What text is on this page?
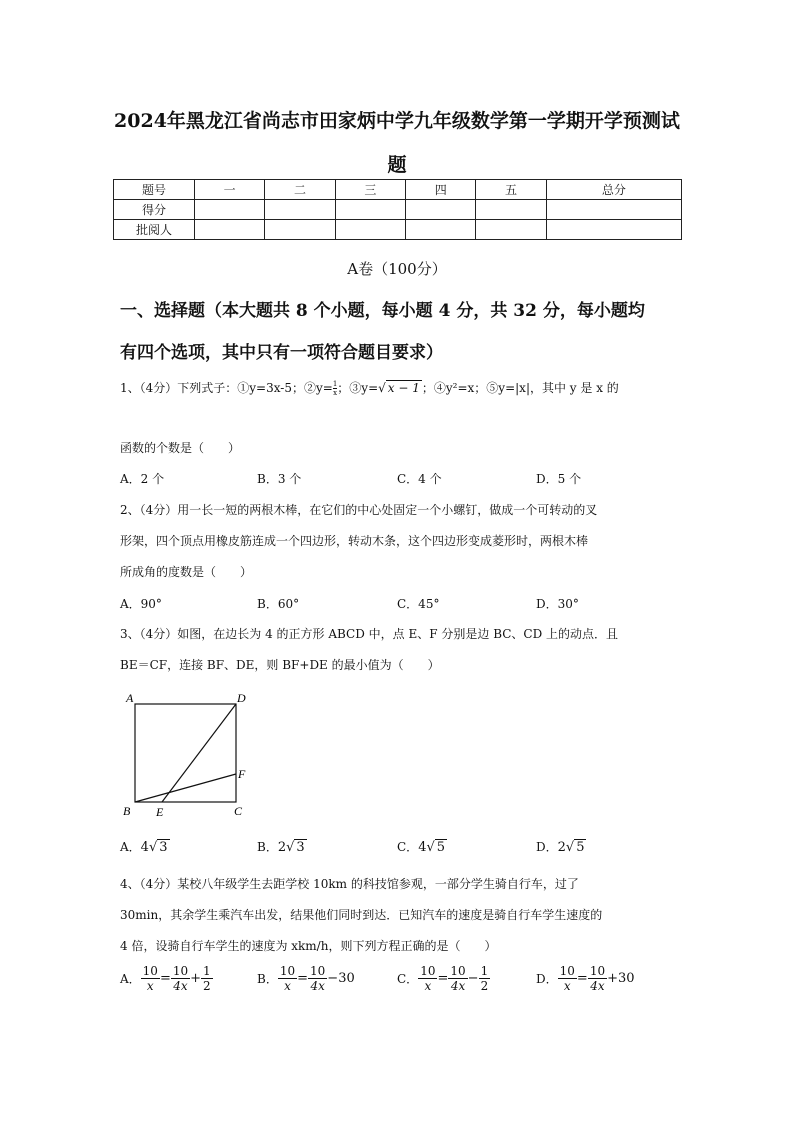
2024年黑龙江省尚志市田家炳中学九年级数学第一学期开学预测试
题
题号	一	二	三	四	五	总分
得分						
批阅人						
A卷（100分）
一、选择题（本大题共 8 个小题，每小题 4 分，共 32 分，每小题均
有四个选项，其中只有一项符合题目要求）
1、（4分）下列式子：①y=3x-5；②y= $\frac{1}{x}$；③y=√ x − 1 ；④y²=x；⑤y=|x|，其中 y 是 x 的
函数的个数是（　　）
A．2 个	B．3 个	C．4 个	D．5 个
2、（4分）用一长一短的两根木棒，在它们的中心处固定一个小螺钉，做成一个可转动的叉
形架，四个顶点用橡皮筋连成一个四边形，转动木条，这个四边形变成菱形时，两根木棒
所成角的度数是（　　）
A．90°	B．60°	C．45°	D．30°
3、（4分）如图，在边长为 4 的正方形 ABCD 中，点 E、F 分别是边 BC、CD 上的动点．且
BE＝CF，连接 BF、DE，则 BF+DE 的最小值为（　　）
A	D
F
B E	C
A．4√ 3	B．2√ 3	C．4√ 5	D．2√ 5
4、（4分）某校八年级学生去距学校 10km 的科技馆参观，一部分学生骑自行车，过了
30min，其余学生乘汽车出发，结果他们同时到达．已知汽车的速度是骑自行车学生速度的
4 倍，设骑自行车学生的速度为 xkm/h，则下列方程正确的是（　　）
A． $\frac{10}{x} = \frac{10}{4x} + \frac{1}{2}$	B． $\frac{10}{x} = \frac{10}{4x} -30$	C． $\frac{10}{x} = \frac{10}{4x} - \frac{1}{2}$	D． $\frac{10}{x} = \frac{10}{4x} +30$
